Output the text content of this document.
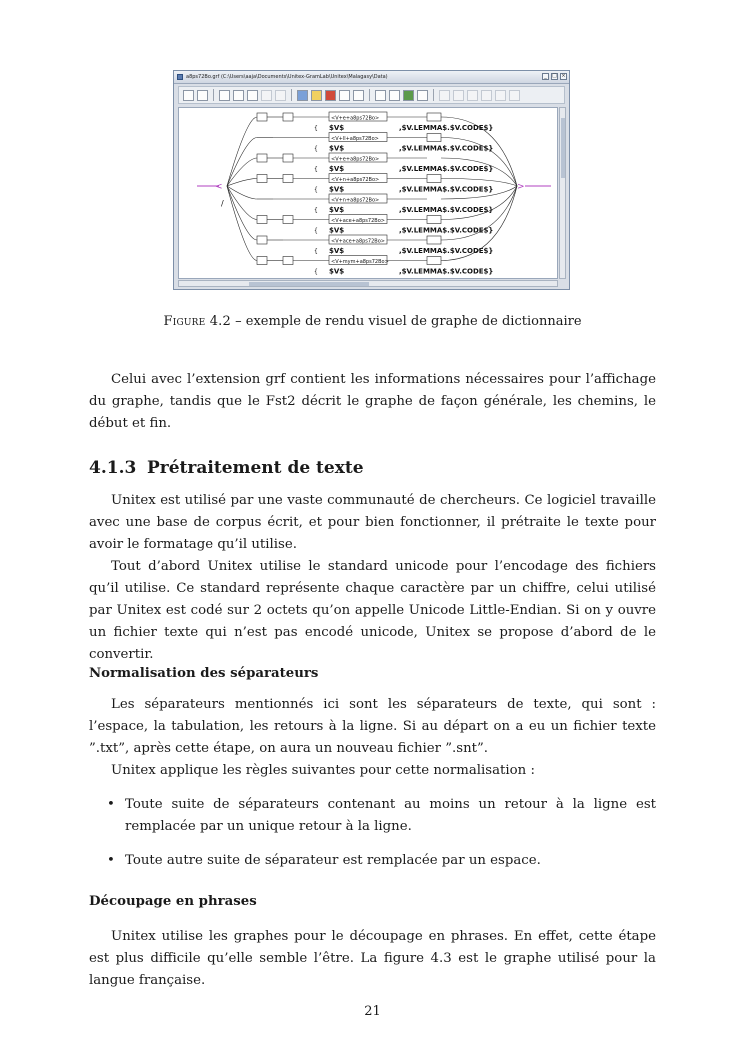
a8ps72Bo.grf (C:\Users\aaja\Documents\Unitex-GramLab\Unitex\Malagasy\Data)	_	□ ×
<
/
>
<V+e+a8ps72Bo>
{ $V$	,$V.LEMMA$.$V.CODE$}
<V+ll+a8ps72Bo>
{ $V$	,$V.LEMMA$.$V.CODE$}
<V+e+a8ps72Bo>
{ $V$	,$V.LEMMA$.$V.CODE$}
<V+n+a8ps72Bo>
{ $V$	,$V.LEMMA$.$V.CODE$}
<V+n+a8ps72Bo>
{ $V$	,$V.LEMMA$.$V.CODE$}
<V+ace+a8ps72Bo>
{ $V$	,$V.LEMMA$.$V.CODE$}
<V+ace+a8ps72Bo>
{ $V$	,$V.LEMMA$.$V.CODE$}
<V+mym+a8ps72Bo>
{ $V$	,$V.LEMMA$.$V.CODE$}
Figure 4.2 – exemple de rendu visuel de graphe de dictionnaire

Celui avec l’extension grf contient les informations nécessaires pour l’affichage du graphe, tandis que le Fst2 décrit le graphe de façon générale, les chemins, le début et fin.

4.1.3 Prétraitement de texte

Unitex est utilisé par une vaste communauté de chercheurs. Ce logiciel travaille avec une base de corpus écrit, et pour bien fonctionner, il prétraite le texte pour avoir le formatage qu’il utilise.

Tout d’abord Unitex utilise le standard unicode pour l’encodage des fichiers qu’il utilise. Ce standard représente chaque caractère par un chiffre, celui utilisé par Unitex est codé sur 2 octets qu’on appelle Unicode Little-Endian. Si on y ouvre un fichier texte qui n’est pas encodé unicode, Unitex se propose d’abord de le convertir.

Normalisation des séparateurs

Les séparateurs mentionnés ici sont les séparateurs de texte, qui sont : l’espace, la tabulation, les retours à la ligne. Si au départ on a eu un fichier texte ”.txt”, après cette étape, on aura un nouveau fichier ”.snt”.

Unitex applique les règles suivantes pour cette normalisation :

• Toute suite de séparateurs contenant au moins un retour à la ligne est remplacée par un unique retour à la ligne.
• Toute autre suite de séparateur est remplacée par un espace.
Découpage en phrases

Unitex utilise les graphes pour le découpage en phrases. En effet, cette étape est plus difficile qu’elle semble l’être. La figure 4.3 est le graphe utilisé pour la langue française.

21
